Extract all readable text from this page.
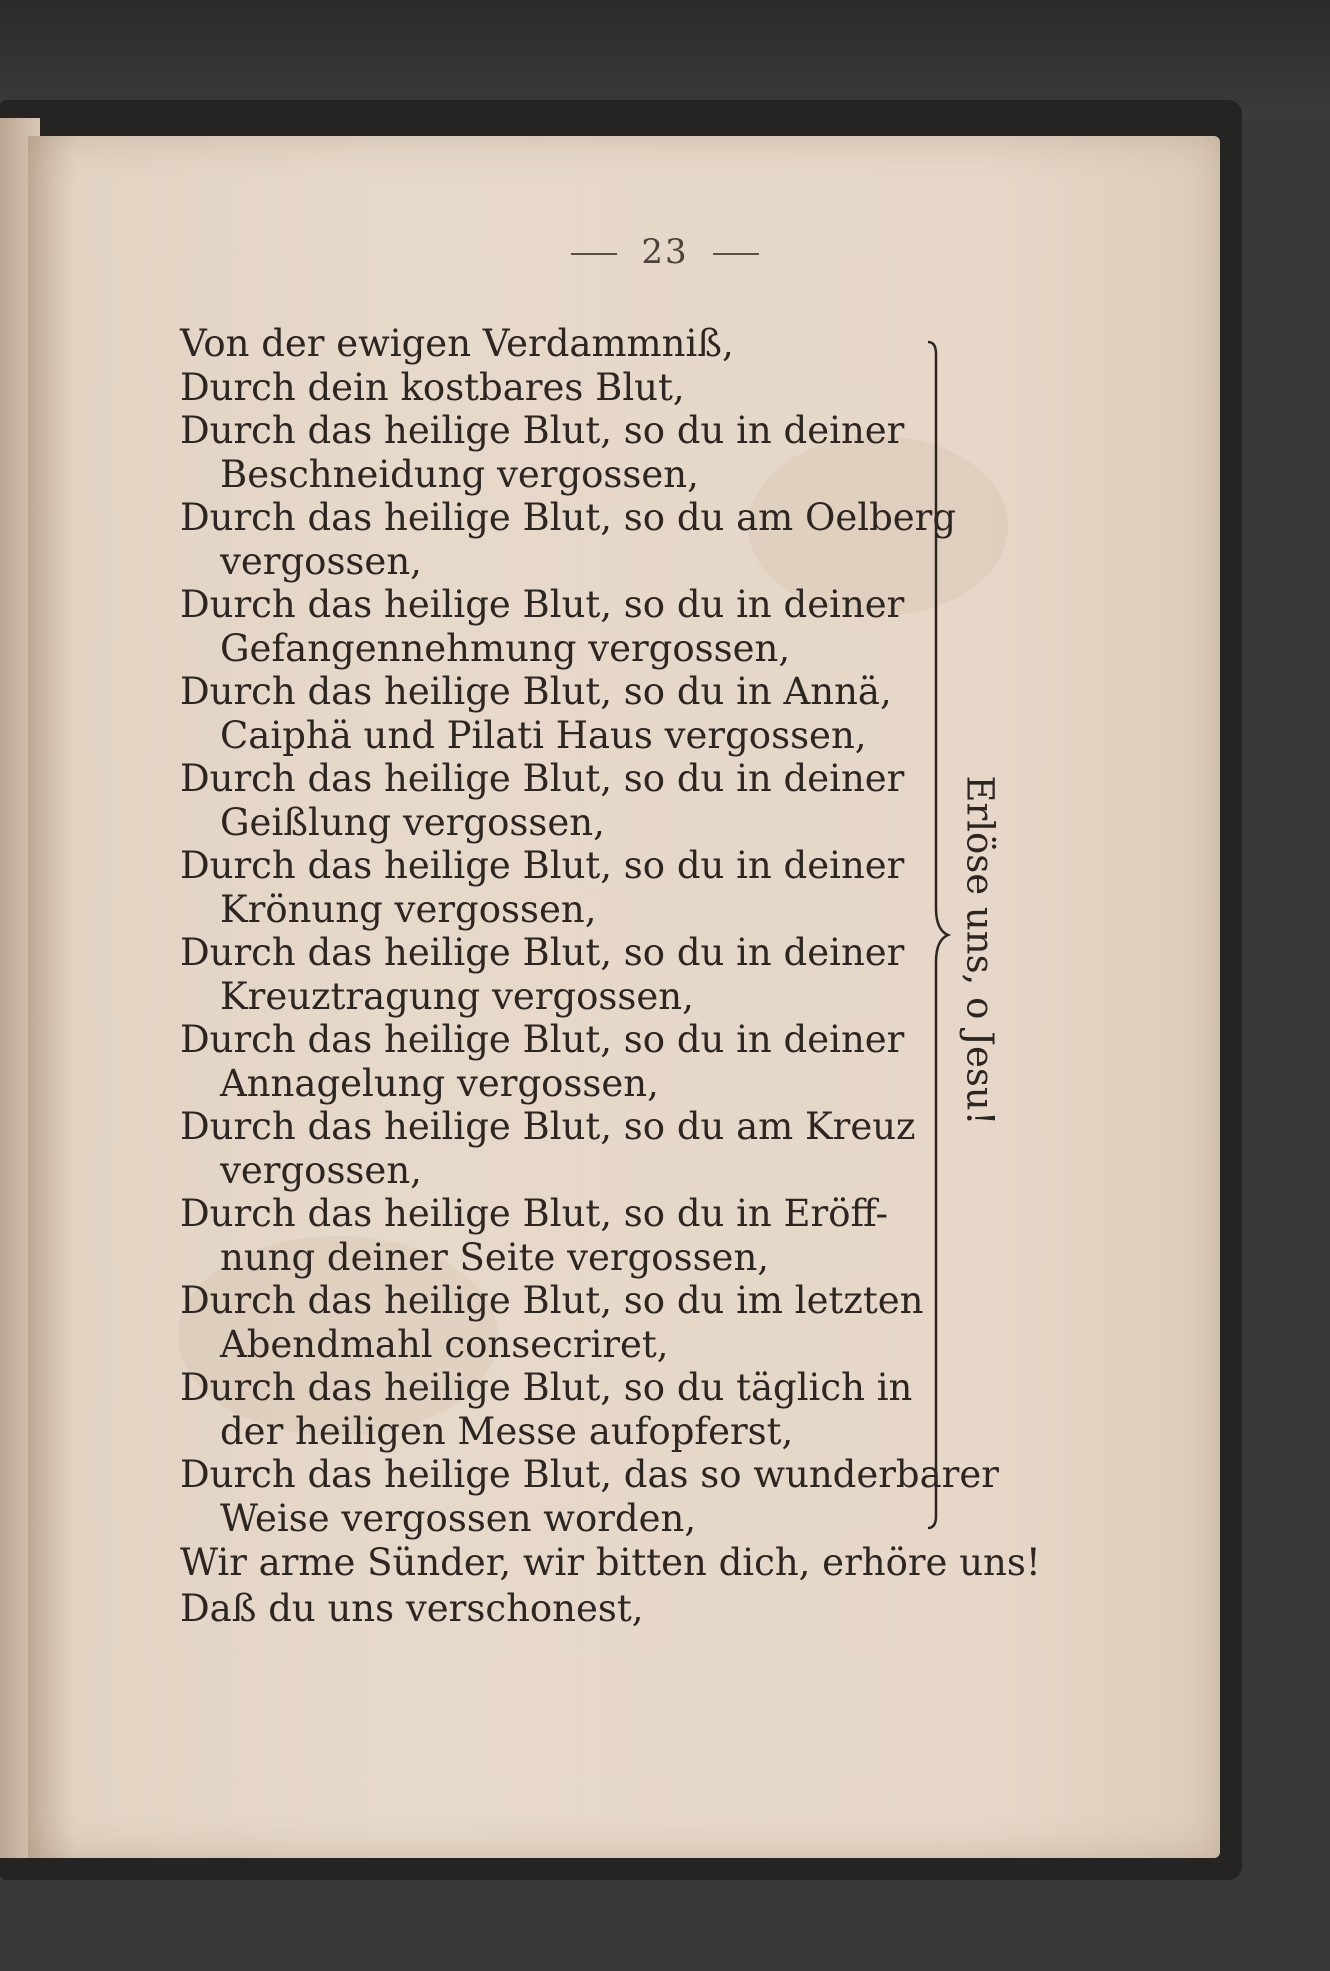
23
Von der ewigen Verdammniß,
Durch dein kostbares Blut,
Durch das heilige Blut, so du in deiner
Beschneidung vergossen,
Durch das heilige Blut, so du am Oelberg
vergossen,
Durch das heilige Blut, so du in deiner
Gefangennehmung vergossen,
Durch das heilige Blut, so du in Annä,
Caiphä und Pilati Haus vergossen,
Durch das heilige Blut, so du in deiner
Geißlung vergossen,
Durch das heilige Blut, so du in deiner
Krönung vergossen,
Durch das heilige Blut, so du in deiner
Kreuztragung vergossen,
Durch das heilige Blut, so du in deiner
Annagelung vergossen,
Durch das heilige Blut, so du am Kreuz
vergossen,
Durch das heilige Blut, so du in Eröff-
nung deiner Seite vergossen,
Durch das heilige Blut, so du im letzten
Abendmahl consecriret,
Durch das heilige Blut, so du täglich in
der heiligen Messe aufopferst,
Durch das heilige Blut, das so wunderbarer
Weise vergossen worden,
Erlöse uns, o Jesu!
Wir arme Sünder, wir bitten dich, erhöre uns!
Daß du uns verschonest,
